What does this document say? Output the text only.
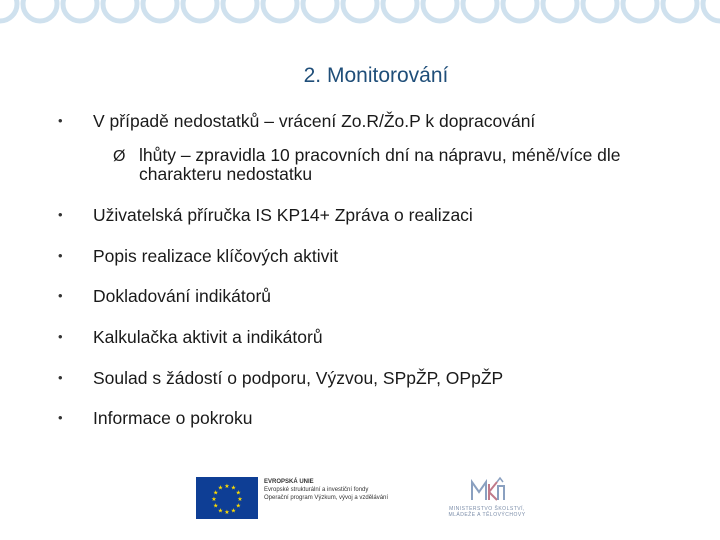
2. Monitorování
• V případě nedostatků – vrácení Zo.R/Žo.P k dopracování
Ø lhůty – zpravidla 10 pracovních dní na nápravu, méně/více dle charakteru nedostatku
• Uživatelská příručka IS KP14+ Zpráva o realizaci
• Popis realizace klíčových aktivit
• Dokladování indikátorů
• Kalkulačka aktivit a indikátorů
• Soulad s žádostí o podporu, Výzvou, SPpŽP, OPpŽP
• Informace o pokroku
★
★
★
★
★
★
★
★
★ ★ ★
★
EVROPSKÁ UNIE
Evropské strukturální a investiční fondy
Operační program Výzkum, vývoj a vzdělávání
MINISTERSTVO ŠKOLSTVÍ, MLÁDEŽE A TĚLOVÝCHOVY
